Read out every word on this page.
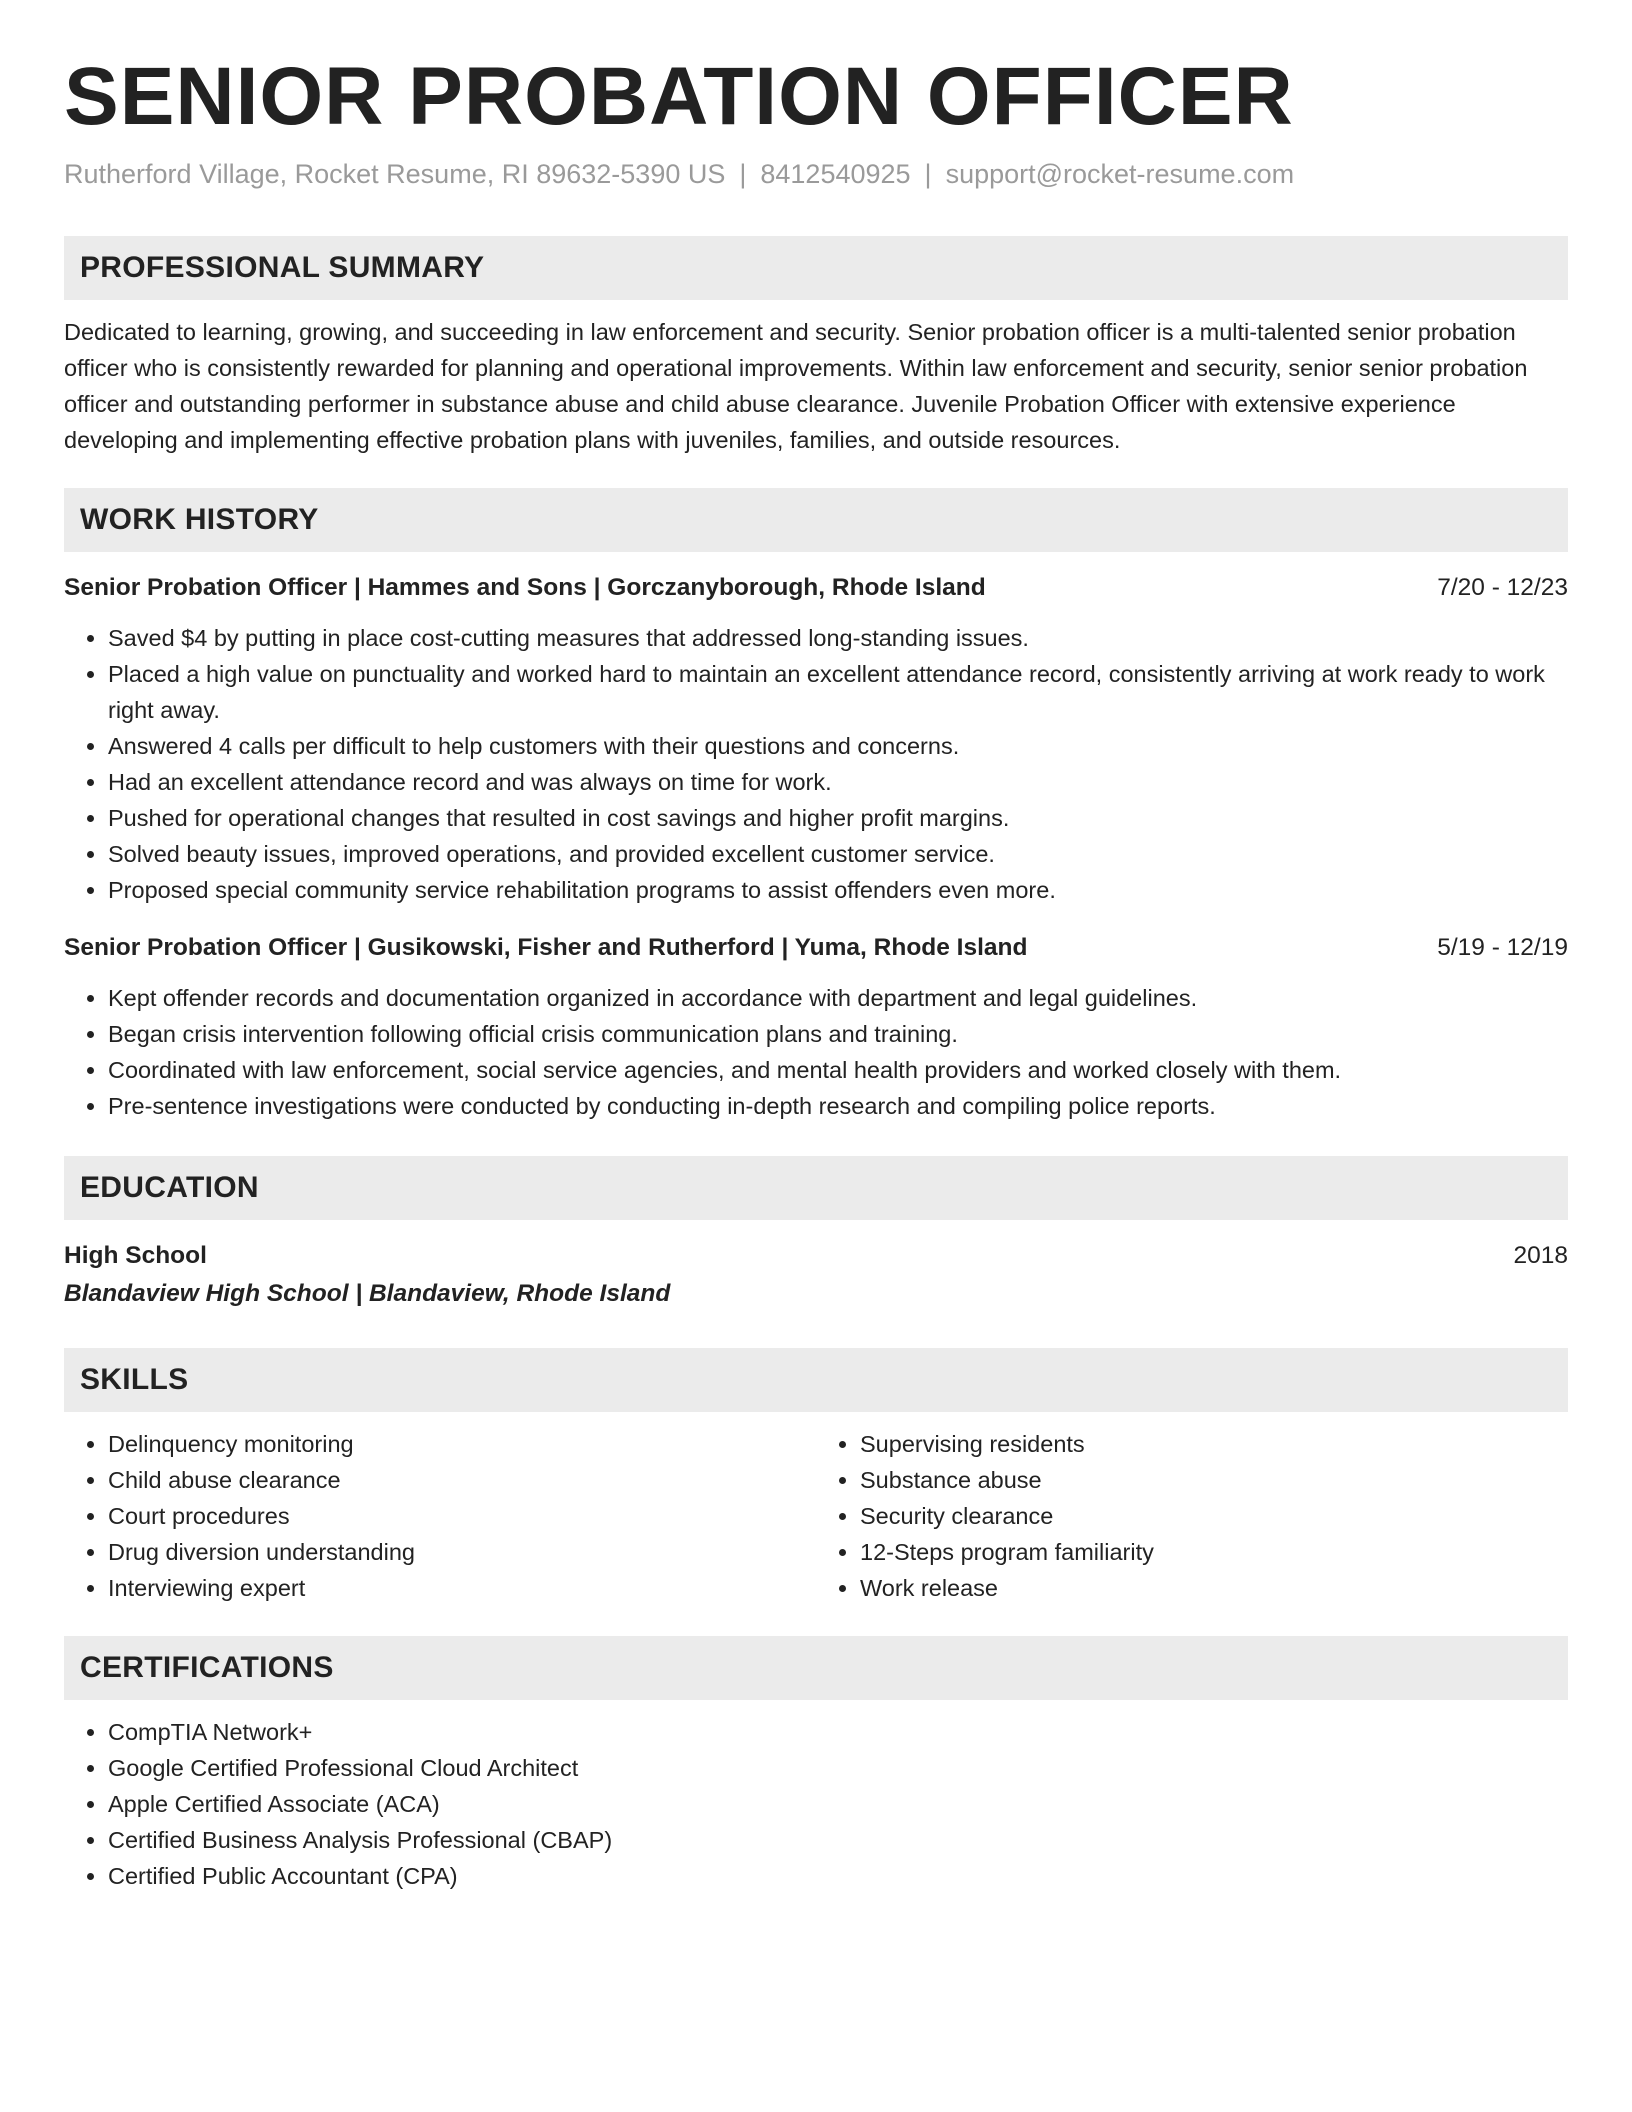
SENIOR PROBATION OFFICER
Rutherford Village, Rocket Resume, RI 89632-5390 US | 8412540925 | support@rocket-resume.com
PROFESSIONAL SUMMARY
Dedicated to learning, growing, and succeeding in law enforcement and security. Senior probation officer is a multi-talented senior probation officer who is consistently rewarded for planning and operational improvements. Within law enforcement and security, senior senior probation officer and outstanding performer in substance abuse and child abuse clearance. Juvenile Probation Officer with extensive experience developing and implementing effective probation plans with juveniles, families, and outside resources.
WORK HISTORY
Senior Probation Officer | Hammes and Sons | Gorczanyborough, Rhode Island	7/20 - 12/23
• Saved $4 by putting in place cost-cutting measures that addressed long-standing issues.
• Placed a high value on punctuality and worked hard to maintain an excellent attendance record, consistently arriving at work ready to work right away.
• Answered 4 calls per difficult to help customers with their questions and concerns.
• Had an excellent attendance record and was always on time for work.
• Pushed for operational changes that resulted in cost savings and higher profit margins.
• Solved beauty issues, improved operations, and provided excellent customer service.
• Proposed special community service rehabilitation programs to assist offenders even more.
Senior Probation Officer | Gusikowski, Fisher and Rutherford | Yuma, Rhode Island	5/19 - 12/19
• Kept offender records and documentation organized in accordance with department and legal guidelines.
• Began crisis intervention following official crisis communication plans and training.
• Coordinated with law enforcement, social service agencies, and mental health providers and worked closely with them.
• Pre-sentence investigations were conducted by conducting in-depth research and compiling police reports.
EDUCATION
High School	2018
Blandaview High School | Blandaview, Rhode Island
SKILLS
• Delinquency monitoring
• Child abuse clearance
• Court procedures
• Drug diversion understanding
• Interviewing expert
• Supervising residents
• Substance abuse
• Security clearance
• 12-Steps program familiarity
• Work release
CERTIFICATIONS
• CompTIA Network+
• Google Certified Professional Cloud Architect
• Apple Certified Associate (ACA)
• Certified Business Analysis Professional (CBAP)
• Certified Public Accountant (CPA)
